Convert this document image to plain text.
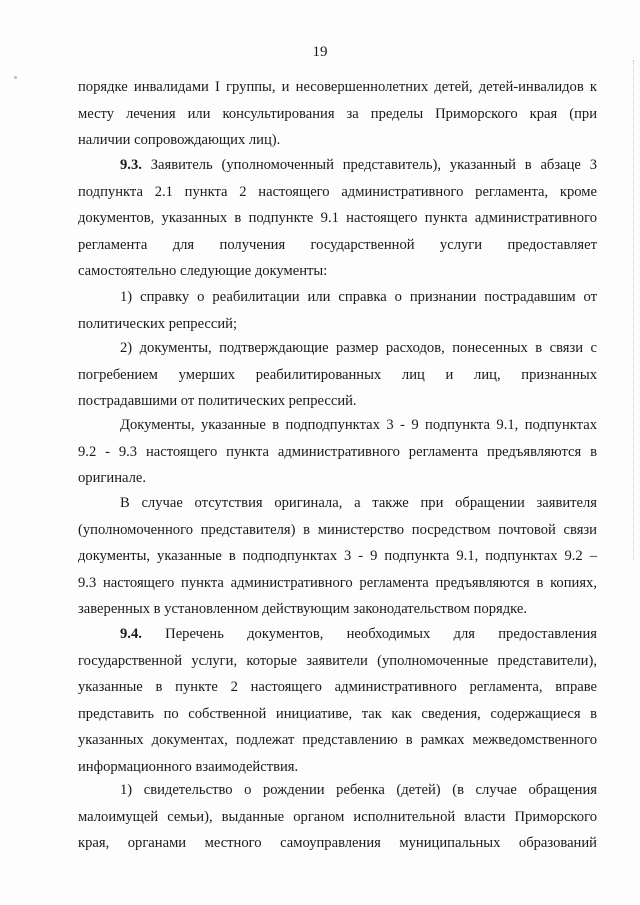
19
порядке инвалидами I группы, и несовершеннолетних детей, детей-инвалидов к
месту лечения или консультирования за пределы Приморского края (при
наличии сопровождающих лиц).
9.3. Заявитель (уполномоченный представитель), указанный в абзаце 3
подпункта 2.1 пункта 2 настоящего административного регламента, кроме
документов, указанных в подпункте 9.1 настоящего пункта административного
регламента для получения государственной услуги предоставляет
самостоятельно следующие документы:
1) справку о реабилитации или справка о признании пострадавшим от
политических репрессий;
2) документы, подтверждающие размер расходов, понесенных в связи с
погребением умерших реабилитированных лиц и лиц, признанных
пострадавшими от политических репрессий.
Документы, указанные в подподпунктах 3 - 9 подпункта 9.1, подпунктах
9.2 - 9.3 настоящего пункта административного регламента предъявляются в
оригинале.
В случае отсутствия оригинала, а также при обращении заявителя
(уполномоченного представителя) в министерство посредством почтовой связи
документы, указанные в подподпунктах 3 - 9 подпункта 9.1, подпунктах 9.2 –
9.3 настоящего пункта административного регламента предъявляются в копиях,
заверенных в установленном действующим законодательством порядке.
9.4. Перечень документов, необходимых для предоставления
государственной услуги, которые заявители (уполномоченные представители),
указанные в пункте 2 настоящего административного регламента, вправе
представить по собственной инициативе, так как сведения, содержащиеся в
указанных документах, подлежат представлению в рамках межведомственного
информационного взаимодействия.
1) свидетельство о рождении ребенка (детей) (в случае обращения
малоимущей семьи), выданные органом исполнительной власти Приморского
края, органами местного самоуправления муниципальных образований
